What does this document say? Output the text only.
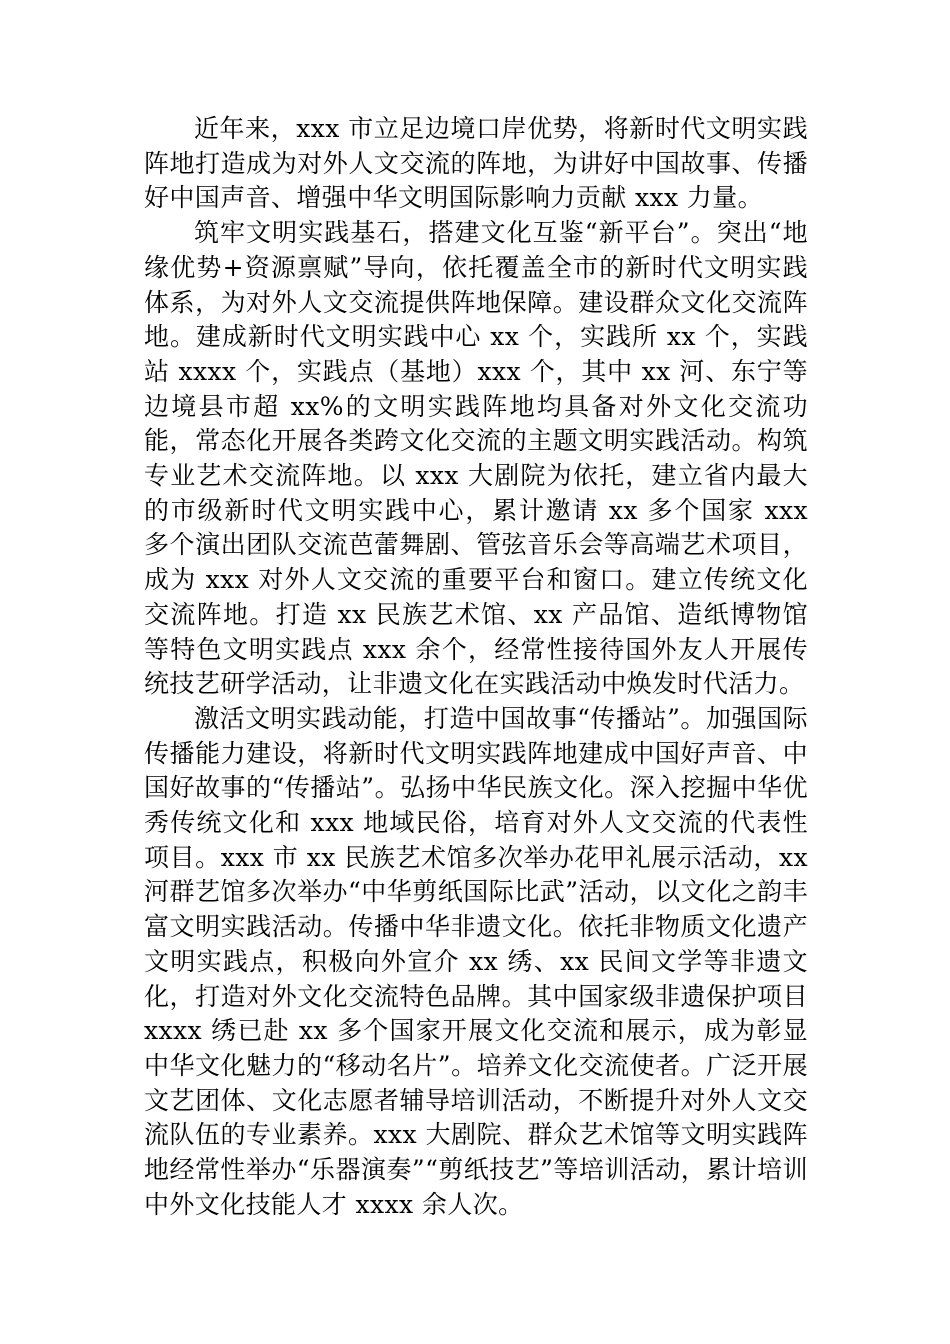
近年来，xxx 市立足边境口岸优势，将新时代文明实践阵地打造成为对外人文交流的阵地，为讲好中国故事、传播好中国声音、增强中华文明国际影响力贡献 xxx 力量。

筑牢文明实践基石，搭建文化互鉴“新平台”。突出“地缘优势+资源禀赋”导向，依托覆盖全市的新时代文明实践体系，为对外人文交流提供阵地保障。建设群众文化交流阵地。建成新时代文明实践中心 xx 个，实践所 xx 个，实践站 xxxx 个，实践点（基地）xxx 个，其中 xx 河、东宁等边境县市超 xx%的文明实践阵地均具备对外文化交流功能，常态化开展各类跨文化交流的主题文明实践活动。构筑专业艺术交流阵地。以 xxx 大剧院为依托，建立省内最大的市级新时代文明实践中心，累计邀请 xx 多个国家 xxx 多个演出团队交流芭蕾舞剧、管弦音乐会等高端艺术项目，成为 xxx 对外人文交流的重要平台和窗口。建立传统文化交流阵地。打造 xx 民族艺术馆、xx 产品馆、造纸博物馆等特色文明实践点 xxx 余个，经常性接待国外友人开展传统技艺研学活动，让非遗文化在实践活动中焕发时代活力。

激活文明实践动能，打造中国故事“传播站”。加强国际传播能力建设，将新时代文明实践阵地建成中国好声音、中国好故事的“传播站”。弘扬中华民族文化。深入挖掘中华优秀传统文化和 xxx 地域民俗，培育对外人文交流的代表性项目。xxx 市 xx 民族艺术馆多次举办花甲礼展示活动，xx 河群艺馆多次举办“中华剪纸国际比武”活动，以文化之韵丰富文明实践活动。传播中华非遗文化。依托非物质文化遗产文明实践点，积极向外宣介 xx 绣、xx 民间文学等非遗文化，打造对外文化交流特色品牌。其中国家级非遗保护项目 xxxx 绣已赴 xx 多个国家开展文化交流和展示，成为彰显中华文化魅力的“移动名片”。培养文化交流使者。广泛开展文艺团体、文化志愿者辅导培训活动，不断提升对外人文交流队伍的专业素养。xxx 大剧院、群众艺术馆等文明实践阵地经常性举办“乐器演奏”“剪纸技艺”等培训活动，累计培训中外文化技能人才 xxxx 余人次。
